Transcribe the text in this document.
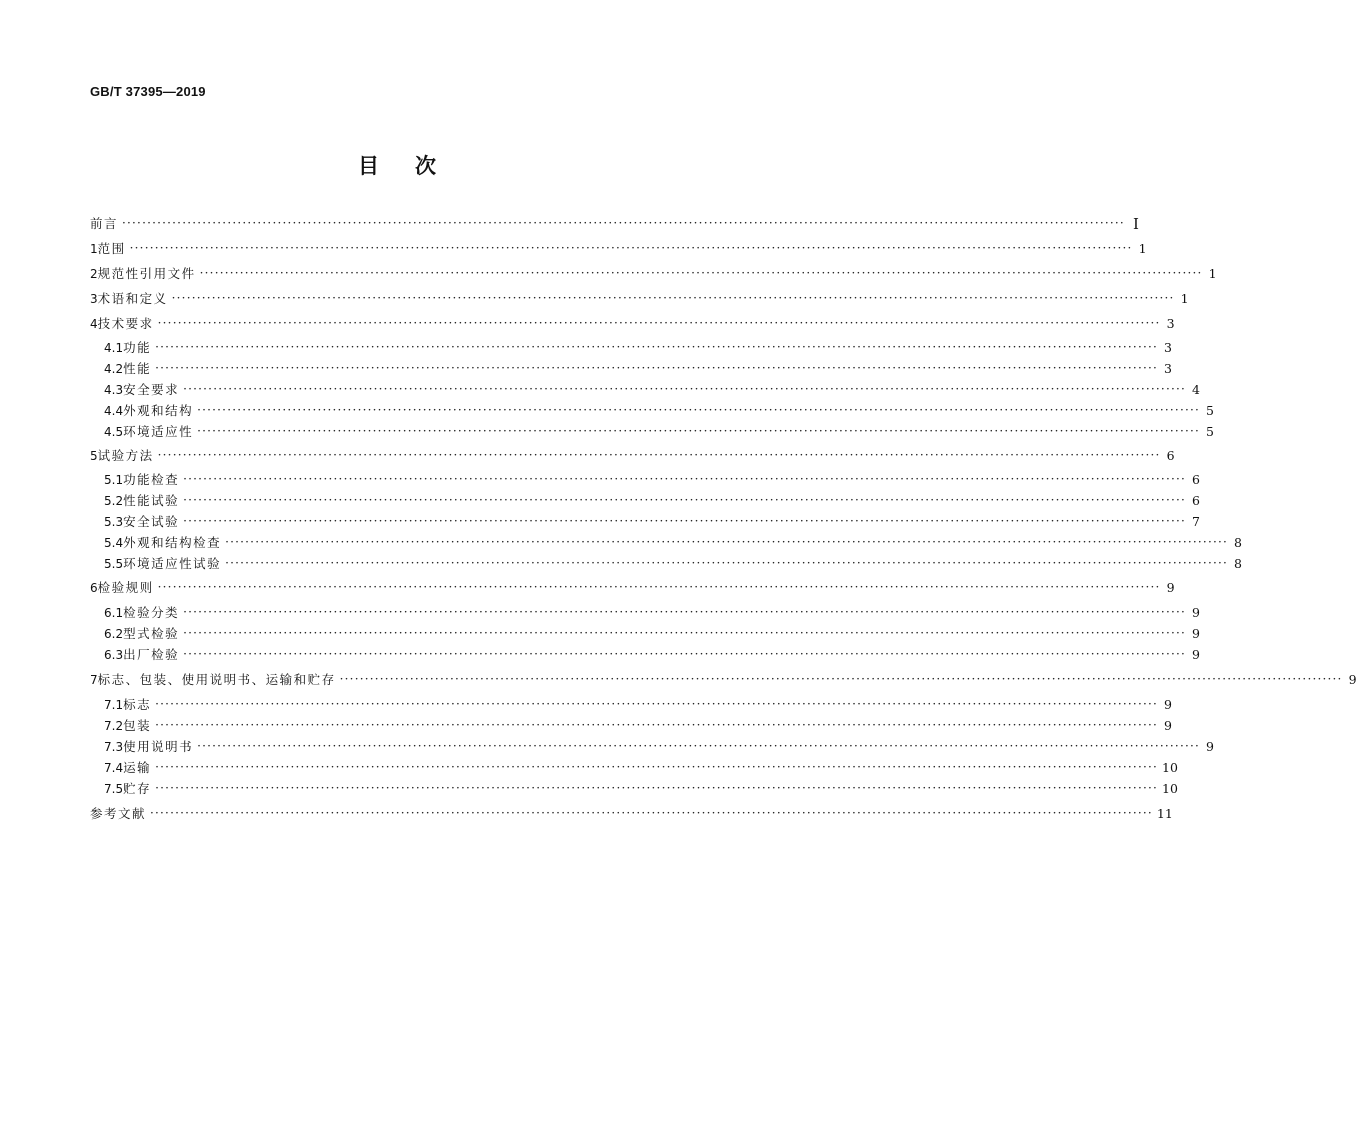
GB/T 37395—2019
目次
前言 ········································································································································································································ Ⅰ
1 范围 ········································································································································································································ 1
2 规范性引用文件 ········································································································································································································ 1
3 术语和定义 ········································································································································································································ 1
4 技术要求 ········································································································································································································ 3
4.1 功能 ········································································································································································································ 3
4.2 性能 ········································································································································································································ 3
4.3 安全要求 ········································································································································································································ 4
4.4 外观和结构 ········································································································································································································ 5
4.5 环境适应性 ········································································································································································································ 5
5 试验方法 ········································································································································································································ 6
5.1 功能检查 ········································································································································································································ 6
5.2 性能试验 ········································································································································································································ 6
5.3 安全试验 ········································································································································································································ 7
5.4 外观和结构检查 ········································································································································································································ 8
5.5 环境适应性试验 ········································································································································································································ 8
6 检验规则 ········································································································································································································ 9
6.1 检验分类 ········································································································································································································ 9
6.2 型式检验 ········································································································································································································ 9
6.3 出厂检验 ········································································································································································································ 9
7 标志、包装、使用说明书、运输和贮存 ········································································································································································································ 9
7.1 标志 ········································································································································································································ 9
7.2 包装 ········································································································································································································ 9
7.3 使用说明书 ········································································································································································································ 9
7.4 运输 ········································································································································································································ 10
7.5 贮存 ········································································································································································································ 10
参考文献 ········································································································································································································ 11
